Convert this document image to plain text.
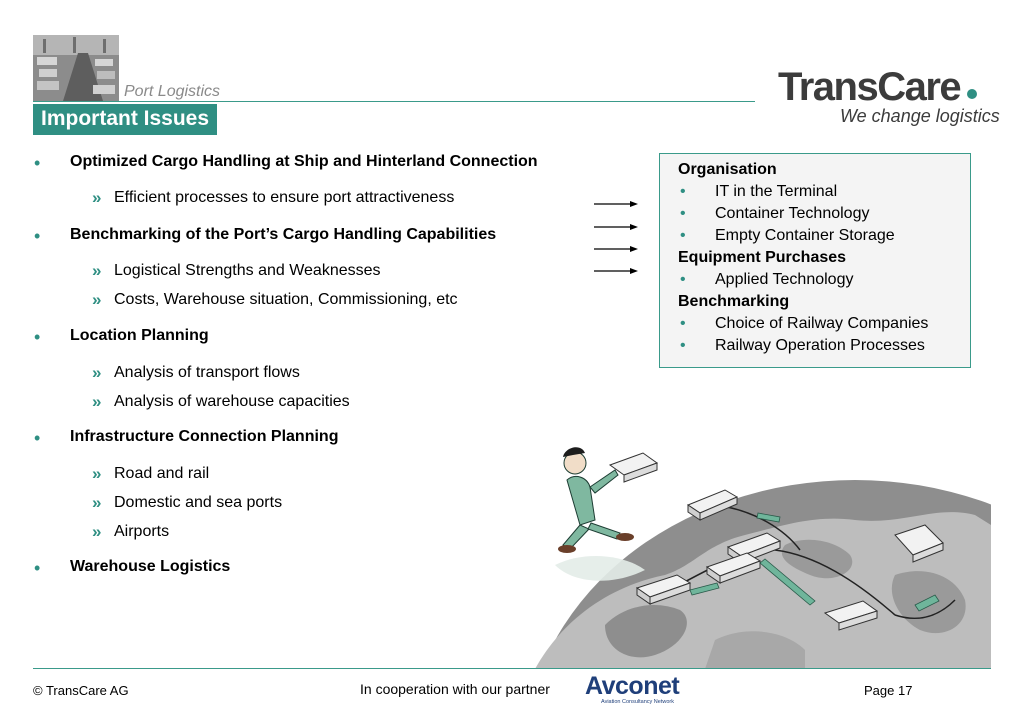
Port Logistics
Important Issues
TransCare
We change logistics
• Optimized Cargo Handling at Ship and Hinterland Connection
» Efficient processes to ensure port attractiveness
• Benchmarking of the Port’s Cargo Handling Capabilities
» Logistical Strengths and Weaknesses
» Costs, Warehouse situation, Commissioning, etc
• Location Planning
» Analysis of transport flows
» Analysis of warehouse capacities
• Infrastructure Connection Planning
» Road and rail
» Domestic and sea ports
» Airports
• Warehouse Logistics
Organisation
• IT in the Terminal
• Container Technology
• Empty Container Storage
Equipment Purchases
• Applied Technology
Benchmarking
• Choice of Railway Companies
• Railway Operation Processes
© TransCare AG	In cooperation with our partner Avconet
Aviation Consultancy Network
Page 17
